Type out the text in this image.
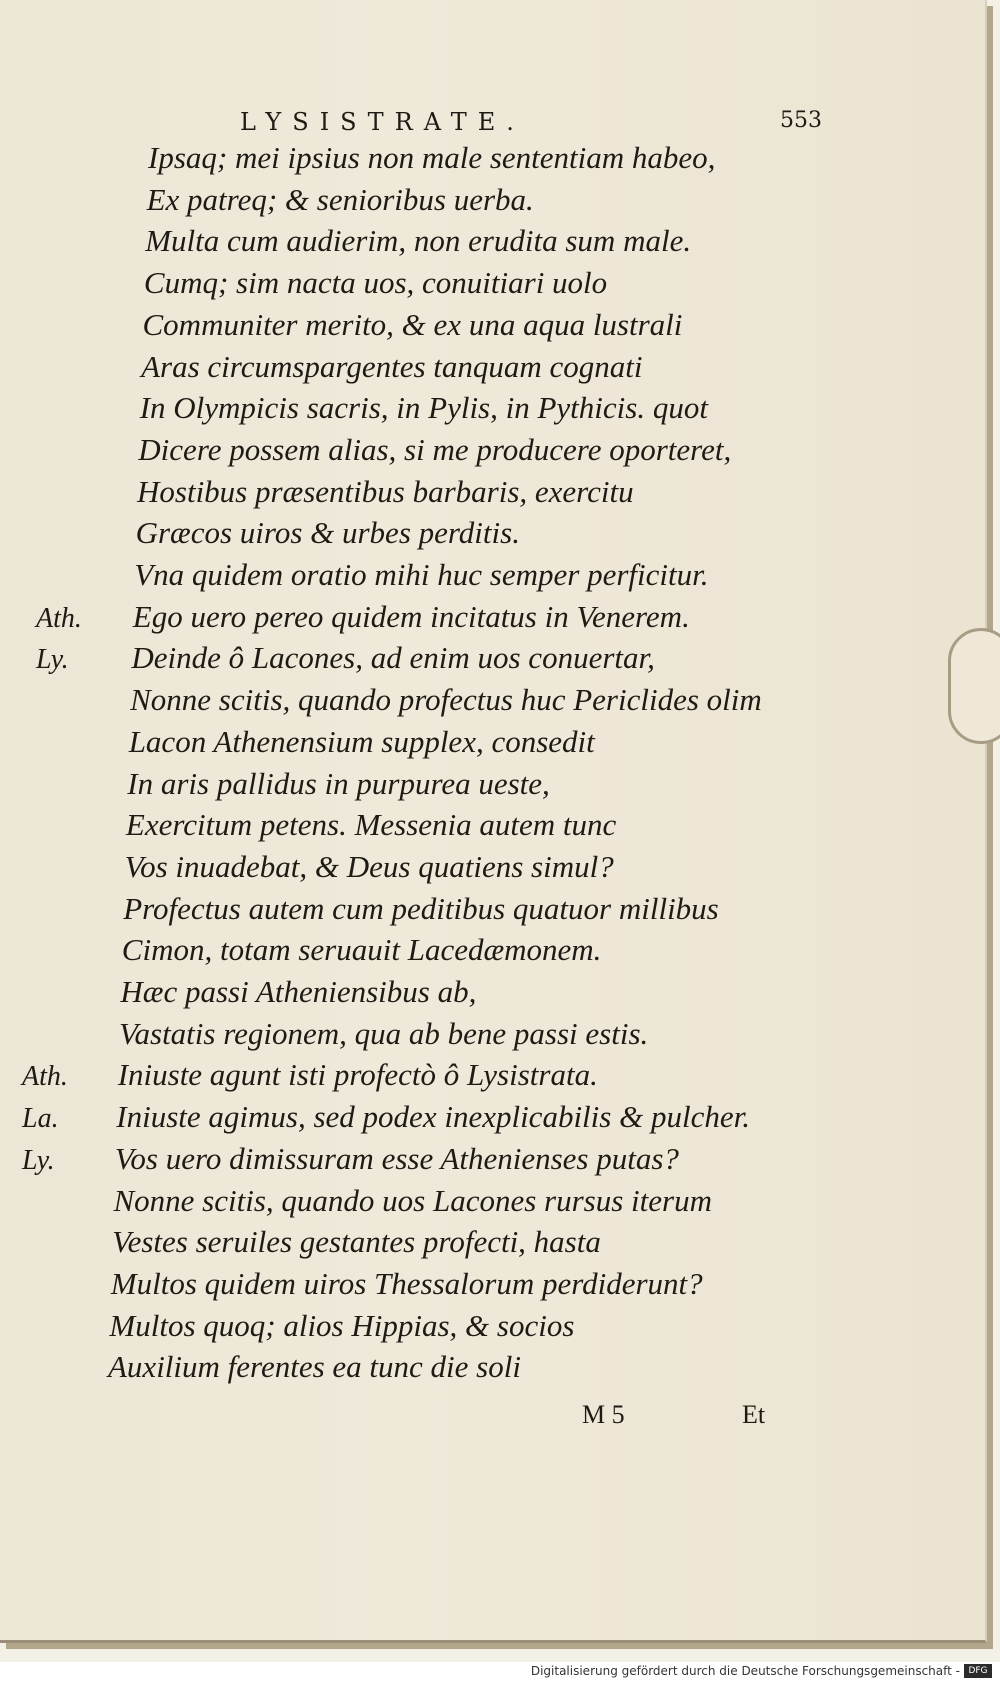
LYSISTRATE.	553
Ipsaq; mei ipsius non male sententiam habeo,
Ex patreq; & senioribus uerba.
Multa cum audierim, non erudita sum male.
Cumq; sim nacta uos, conuitiari uolo
Communiter merito, & ex una aqua lustrali
Aras circumspargentes tanquam cognati
In Olympicis sacris, in Pylis, in Pythicis. quot
Dicere possem alias, si me producere oporteret,
Hostibus præsentibus barbaris, exercitu
Græcos uiros & urbes perditis.
Vna quidem oratio mihi huc semper perficitur.
Ego uero pereo quidem incitatus in Venerem.
Deinde ô Lacones, ad enim uos conuertar,
Nonne scitis, quando profectus huc Periclides olim
Lacon Athenensium supplex, consedit
In aris pallidus in purpurea ueste,
Exercitum petens. Messenia autem tunc
Vos inuadebat, & Deus quatiens simul?
Profectus autem cum peditibus quatuor millibus
Cimon, totam seruauit Lacedæmonem.
Hæc passi Atheniensibus ab,
Vastatis regionem, qua ab bene passi estis.
Iniuste agunt isti profectò ô Lysistrata.
Iniuste agimus, sed podex inexplicabilis & pulcher.
Vos uero dimissuram esse Athenienses putas?
Nonne scitis, quando uos Lacones rursus iterum
Vestes seruiles gestantes profecti, hasta
Multos quidem uiros Thessalorum perdiderunt?
Multos quoq; alios Hippias, & socios
Auxilium ferentes ea tunc die soli
Ath.
Ly.
Ath.
La.
Ly.
M 5	Et
Digitalisierung gefördert durch die Deutsche Forschungsgemeinschaft - DFG
